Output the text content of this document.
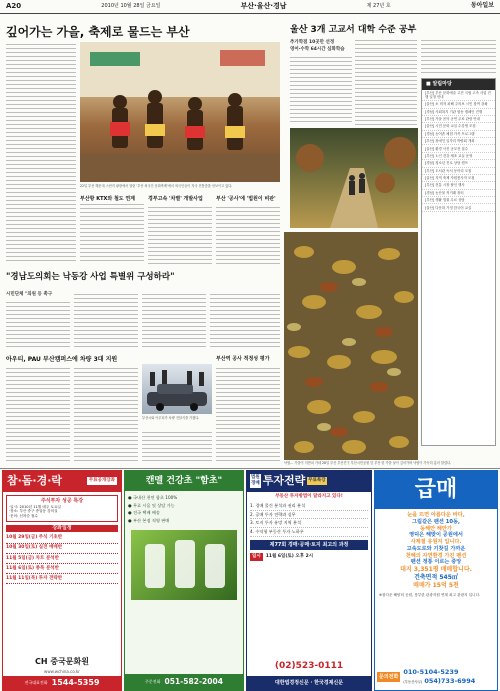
A20	2010년 10월 28일 금요일	부산·울산·경남	제 27년 호	동아일보
깊어가는 가을, 축제로 물드는 부산
22일 부산 해운대 스펀지 광장에서 열린 '부산 외국인 문화축제'에서 외국인들이 자국 전통춤을 선보이고 있다.
부산항 KTX와 철도 연계	경부고속 '차별' 개발사업	부산 '공사'에 '법원이 비판'
울산 3개 고교서 대학 수준 공부
추가학점 10곳만 선정
영어·수학 64시간 심화학습
낙엽… 가을이 저만치 가네 28일 부산 부산진구 부산시민공원 앞 부산 한 가을 날이 깊어가며 낙엽이 가득히 흩어 깔렸다.
■ 알림마당
[부산] 부산 문화예술 고전 국립 고속 사업 진행 일정 안내
[울산] 소 비자 피해 주의보 시민 참여 강좌
[경남] 사회복지 기관 합동 캠페인 진행
[부산] 가을 음악 공연 무료 관람 안내
[울산] 시민 문화 교실 수강생 모집
[경남] 농어촌 체험 가족 프로그램
[부산] 장애인 일자리 박람회 개최
[울산] 환경 사진 공모전 접수
[부산] 노인 건강 체조 교실 운영
[경남] 청소년 진로 상담 캠프
[부산] 도서관 독서 동아리 모집
[울산] 지역 축제 자원봉사자 모집
[부산] 전통 시장 할인 행사
[경남] 농산물 직거래 장터
[부산] 생활 법률 무료 상담
[울산] 다문화 가정 한국어 교실
"경남도의회는 낙동강 사업 특별위 구성하라"
시민단체 "의원 등 촉구
아우티, PAU 부산캠퍼스에 차량 3대 지원
부산시와 아우티가 차량 전달식을 가졌다.
부산역 공사 적정성 평가
참·돔·경·락	무료공개강좌
주식투자 성공 특강
·일시: 2010년 11월 매주 토요일
·장소: 부산 중구 중앙동 강의실
·문의: 선착순 접수
강좌일정
10월 29일(금) 주식 기초반
10월 30일(토) 실전 매매반
11월 5일(금) 차트 분석반
11월 6일(토) 종목 분석반
11월 11일(목) 투자 전략반
CH 중국문화원
www.wchina.co.kr
전국대표전화 1544-5359
캔멜 건강초 "함초"
● 국내산 천연 함초 100%
● 무료 시음 및 상담 가능
● 전국 택배 배송
● 부산 본점 직영 판매
주문전화 051-582-2004
법원
경매 투자전략 무료특강
부동산 투자방법이 달라지고 있다!
1. 경매 물건 분석과 권리 분석
2. 공매 투자 전략과 실무
3. 토지 투자 유망 지역 분석
4. 수익형 부동산 투자 노하우
제77회 경매·공매·토지 최고의 과정
일시	11월 6일(토) 오후 2시
(02)523-0111
대한법경정신문 · 한국경제신문
급매
눈을 뜨면 아름다운 바다,
그림같은 팬션 10동,
동해안 해안가
영덕은 해맞이 공원에서
사계절 유원지 입니다.
고속도로와 기찻길 가까운
천혜의 자연환경 가진 펜션
펜션 정통 이르는 중앙
대지 3,351평 매매합니다.
건축면적 545㎡
매매가 15억 5천
※참다운 해양의 공원, 풍부한 관광자원 연계 최고 관광지 입니다.
문의전화
010-5104-5239
(부동산사무) 054)733-6994
